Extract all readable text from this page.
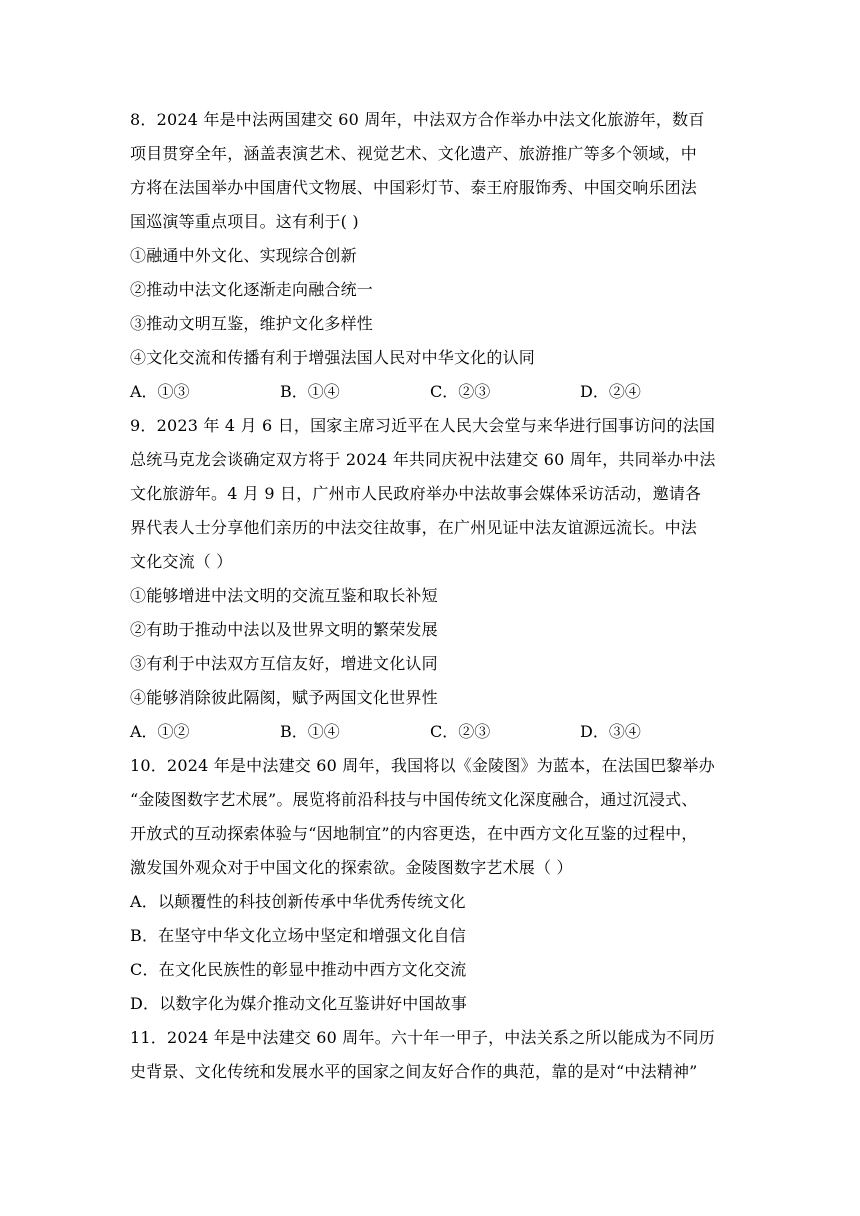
8．2024 年是中法两国建交 60 周年，中法双方合作举办中法文化旅游年，数百
项目贯穿全年，涵盖表演艺术、视觉艺术、文化遗产、旅游推广等多个领域，中
方将在法国举办中国唐代文物展、中国彩灯节、泰王府服饰秀、中国交响乐团法
国巡演等重点项目。这有利于( )
①融通中外文化、实现综合创新
②推动中法文化逐渐走向融合统一
③推动文明互鉴，维护文化多样性
④文化交流和传播有利于增强法国人民对中华文化的认同
A．①③	B．①④	C．②③	D．②④
9．2023 年 4 月 6 日，国家主席习近平在人民大会堂与来华进行国事访问的法国
总统马克龙会谈确定双方将于 2024 年共同庆祝中法建交 60 周年，共同举办中法
文化旅游年。4 月 9 日，广州市人民政府举办中法故事会媒体采访活动，邀请各
界代表人士分享他们亲历的中法交往故事，在广州见证中法友谊源远流长。中法
文化交流（ ）
①能够增进中法文明的交流互鉴和取长补短
②有助于推动中法以及世界文明的繁荣发展
③有利于中法双方互信友好，增进文化认同
④能够消除彼此隔阂，赋予两国文化世界性
A．①②	B．①④	C．②③	D．③④
10．2024 年是中法建交 60 周年，我国将以《金陵图》为蓝本，在法国巴黎举办
“金陵图数字艺术展”。展览将前沿科技与中国传统文化深度融合，通过沉浸式、
开放式的互动探索体验与“因地制宜”的内容更迭，在中西方文化互鉴的过程中，
激发国外观众对于中国文化的探索欲。金陵图数字艺术展（ ）
A．以颠覆性的科技创新传承中华优秀传统文化
B．在坚守中华文化立场中坚定和增强文化自信
C．在文化民族性的彰显中推动中西方文化交流
D．以数字化为媒介推动文化互鉴讲好中国故事
11．2024 年是中法建交 60 周年。六十年一甲子，中法关系之所以能成为不同历
史背景、文化传统和发展水平的国家之间友好合作的典范，靠的是对“中法精神”
